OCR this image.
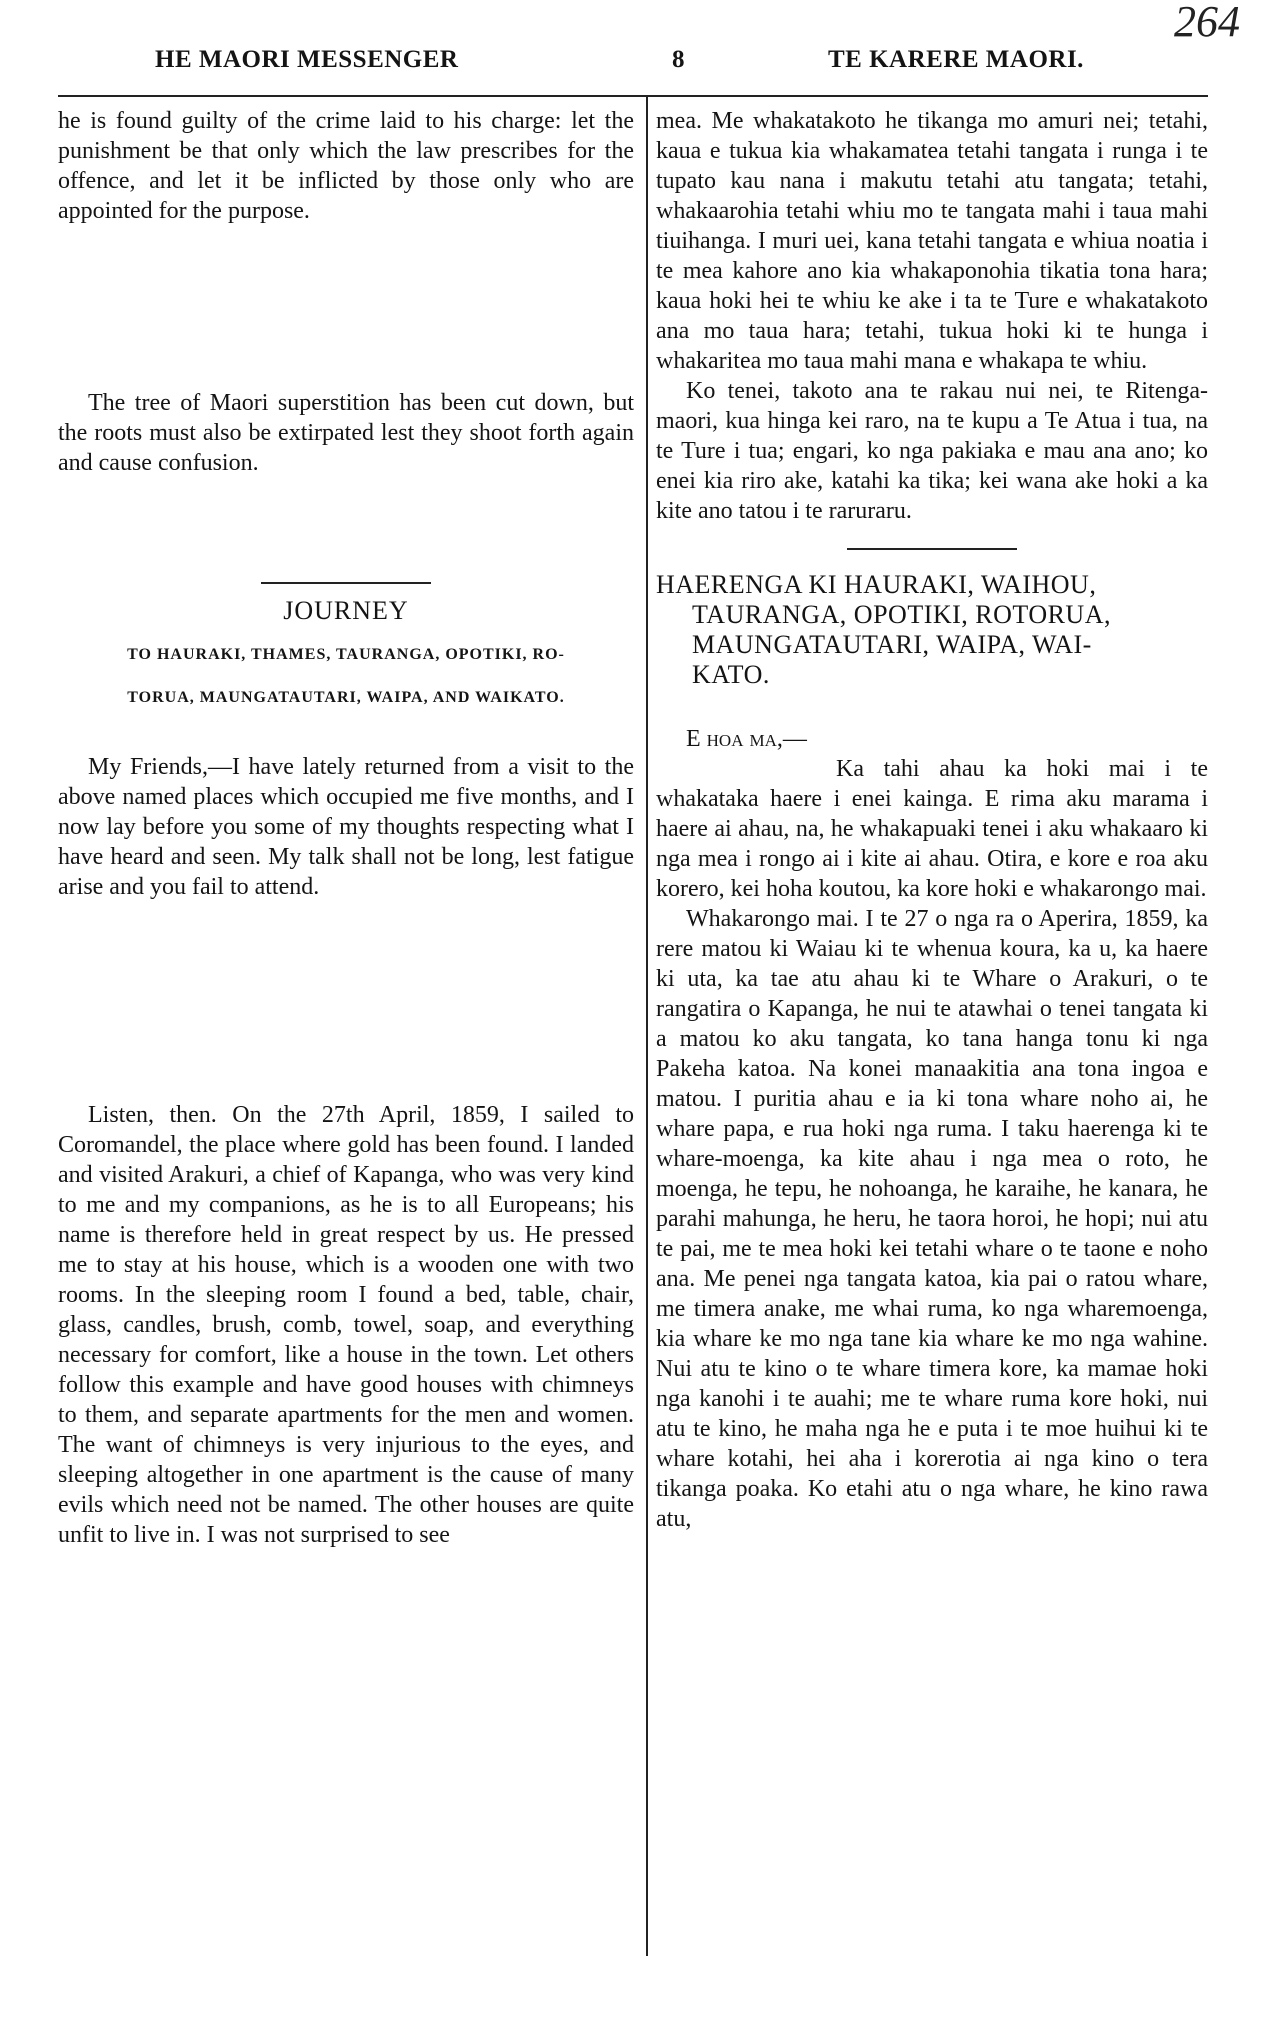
264
HE MAORI MESSENGER	8	TE KARERE MAORI.

he is found guilty of the crime laid to his charge: let the punishment be that only which the law prescribes for the offence, and let it be inflicted by those only who are appointed for the purpose.

The tree of Maori superstition has been cut down, but the roots must also be extirpated lest they shoot forth again and cause confusion.

JOURNEY
TO HAURAKI, THAMES, TAURANGA, OPOTIKI, RO-
TORUA, MAUNGATAUTARI, WAIPA, AND WAIKATO.

My Friends,—I have lately returned from a visit to the above named places which occupied me five months, and I now lay before you some of my thoughts respecting what I have heard and seen. My talk shall not be long, lest fatigue arise and you fail to attend.

Listen, then. On the 27th April, 1859, I sailed to Coromandel, the place where gold has been found. I landed and visited Arakuri, a chief of Kapanga, who was very kind to me and my companions, as he is to all Europeans; his name is therefore held in great respect by us. He pressed me to stay at his house, which is a wooden one with two rooms. In the sleeping room I found a bed, table, chair, glass, candles, brush, comb, towel, soap, and everything necessary for comfort, like a house in the town. Let others follow this example and have good houses with chimneys to them, and separate apartments for the men and women. The want of chimneys is very injurious to the eyes, and sleeping altogether in one apartment is the cause of many evils which need not be named. The other houses are quite unfit to live in. I was not surprised to see

mea. Me whakatakoto he tikanga mo amuri nei; tetahi, kaua e tukua kia whakamatea tetahi tangata i runga i te tupato kau nana i makutu tetahi atu tangata; tetahi, whakaarohia tetahi whiu mo te tangata mahi i taua mahi tiuihanga. I muri uei, kana tetahi tangata e whiua noatia i te mea kahore ano kia whakaponohia tikatia tona hara; kaua hoki hei te whiu ke ake i ta te Ture e whakatakoto ana mo taua hara; tetahi, tukua hoki ki te hunga i whakaritea mo taua mahi mana e whakapa te whiu.

Ko tenei, takoto ana te rakau nui nei, te Ritenga-maori, kua hinga kei raro, na te kupu a Te Atua i tua, na te Ture i tua; engari, ko nga pakiaka e mau ana ano; ko enei kia riro ake, katahi ka tika; kei wana ake hoki a ka kite ano tatou i te raruraru.

HAERENGA KI HAURAKI, WAIHOU,
TAURANGA, OPOTIKI, ROTORUA,
MAUNGATAUTARI, WAIPA, WAI-
KATO.

E hoa ma,—

Ka tahi ahau ka hoki mai i te whakataka haere i enei kainga. E rima aku marama i haere ai ahau, na, he whakapuaki tenei i aku whakaaro ki nga mea i rongo ai i kite ai ahau. Otira, e kore e roa aku korero, kei hoha koutou, ka kore hoki e whakarongo mai.

Whakarongo mai. I te 27 o nga ra o Aperira, 1859, ka rere matou ki Waiau ki te whenua koura, ka u, ka haere ki uta, ka tae atu ahau ki te Whare o Arakuri, o te rangatira o Kapanga, he nui te atawhai o tenei tangata ki a matou ko aku tangata, ko tana hanga tonu ki nga Pakeha katoa. Na konei manaakitia ana tona ingoa e matou. I puritia ahau e ia ki tona whare noho ai, he whare papa, e rua hoki nga ruma. I taku haerenga ki te whare-moenga, ka kite ahau i nga mea o roto, he moenga, he tepu, he nohoanga, he karaihe, he kanara, he parahi mahunga, he heru, he taora horoi, he hopi; nui atu te pai, me te mea hoki kei tetahi whare o te taone e noho ana. Me penei nga tangata katoa, kia pai o ratou whare, me timera anake, me whai ruma, ko nga wharemoenga, kia whare ke mo nga tane kia whare ke mo nga wahine. Nui atu te kino o te whare timera kore, ka mamae hoki nga kanohi i te auahi; me te whare ruma kore hoki, nui atu te kino, he maha nga he e puta i te moe huihui ki te whare kotahi, hei aha i korerotia ai nga kino o tera tikanga poaka. Ko etahi atu o nga whare, he kino rawa atu,
